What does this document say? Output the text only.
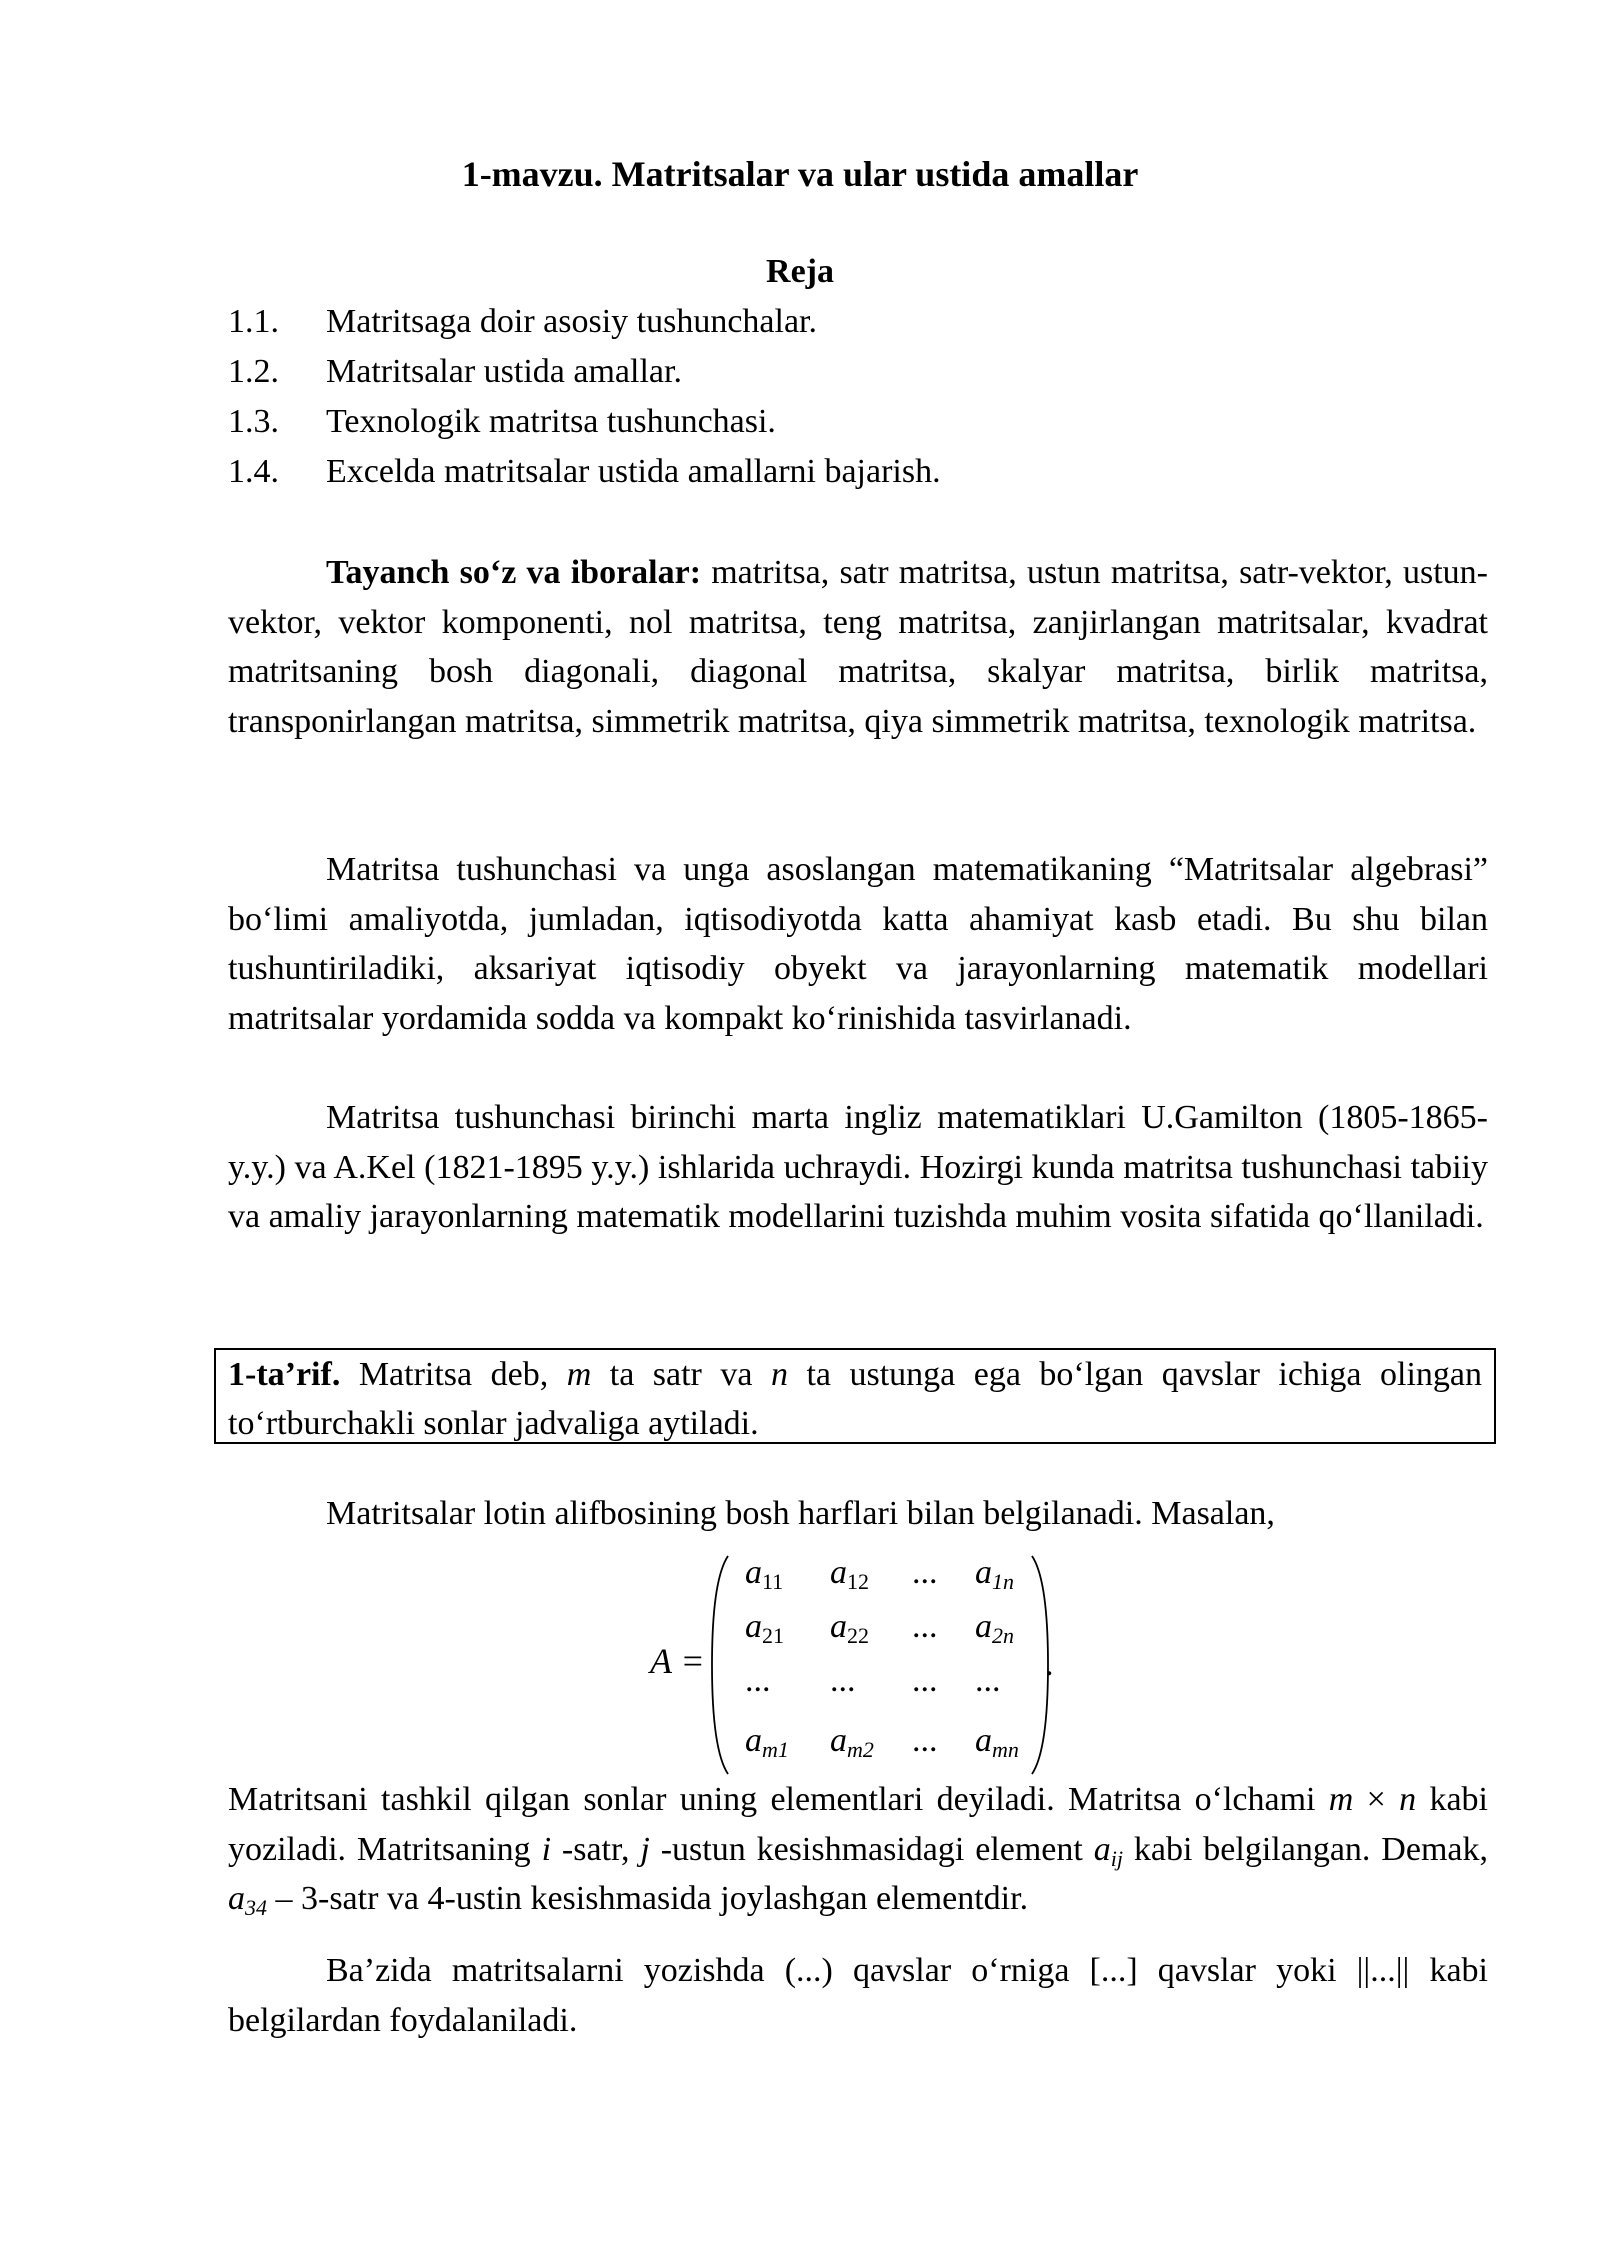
1-mavzu. Matritsalar va ular ustida amallar
Reja
1.1. Matritsaga doir asosiy tushunchalar.
1.2. Matritsalar ustida amallar.
1.3. Texnologik matritsa tushunchasi.
1.4. Excelda matritsalar ustida amallarni bajarish.

Tayanch so‘z va iboralar: matritsa, satr matritsa, ustun matritsa, satr-vektor, ustun-vektor, vektor komponenti, nol matritsa, teng matritsa, zanjirlangan matritsalar, kvadrat matritsaning bosh diagonali, diagonal matritsa, skalyar matritsa, birlik matritsa, transponirlangan matritsa, simmetrik matritsa, qiya simmetrik matritsa, texnologik matritsa.

Matritsa tushunchasi va unga asoslangan matematikaning “Matritsalar algebrasi” bo‘limi amaliyotda, jumladan, iqtisodiyotda katta ahamiyat kasb etadi. Bu shu bilan tushuntiriladiki, aksariyat iqtisodiy obyekt va jarayonlarning matematik modellari matritsalar yordamida sodda va kompakt ko‘rinishida tasvirlanadi.

Matritsa tushunchasi birinchi marta ingliz matematiklari U.Gamilton (1805-1865-y.y.) va A.Kel (1821-1895 y.y.) ishlarida uchraydi. Hozirgi kunda matritsa tushunchasi tabiiy va amaliy jarayonlarning matematik modellarini tuzishda muhim vosita sifatida qo‘llaniladi.

1-ta’rif. Matritsa deb, m ta satr va n ta ustunga ega bo‘lgan qavslar ichiga olingan to‘rtburchakli sonlar jadvaliga aytiladi.

Matritsalar lotin alifbosining bosh harflari bilan belgilanadi. Masalan,

A =
$a_{11}$	$a_{12}$	...	$a_{1n}$
$a_{21}$	$a_{22}$	...	$a_{2n}$
...	...	...	...
$a_{m1}$	$a_{m2}$	...	$a_{mn}$
.

Matritsani tashkil qilgan sonlar uning elementlari deyiladi. Matritsa o‘lchami m × n kabi yoziladi. Matritsaning i -satr, j -ustun kesishmasidagi element $a_{ij}$ kabi belgilangan. Demak, $a_{34}$ – 3-satr va 4-ustin kesishmasida joylashgan elementdir.

Ba’zida matritsalarni yozishda (...) qavslar o‘rniga [...] qavslar yoki ||...|| kabi belgilardan foydalaniladi.
